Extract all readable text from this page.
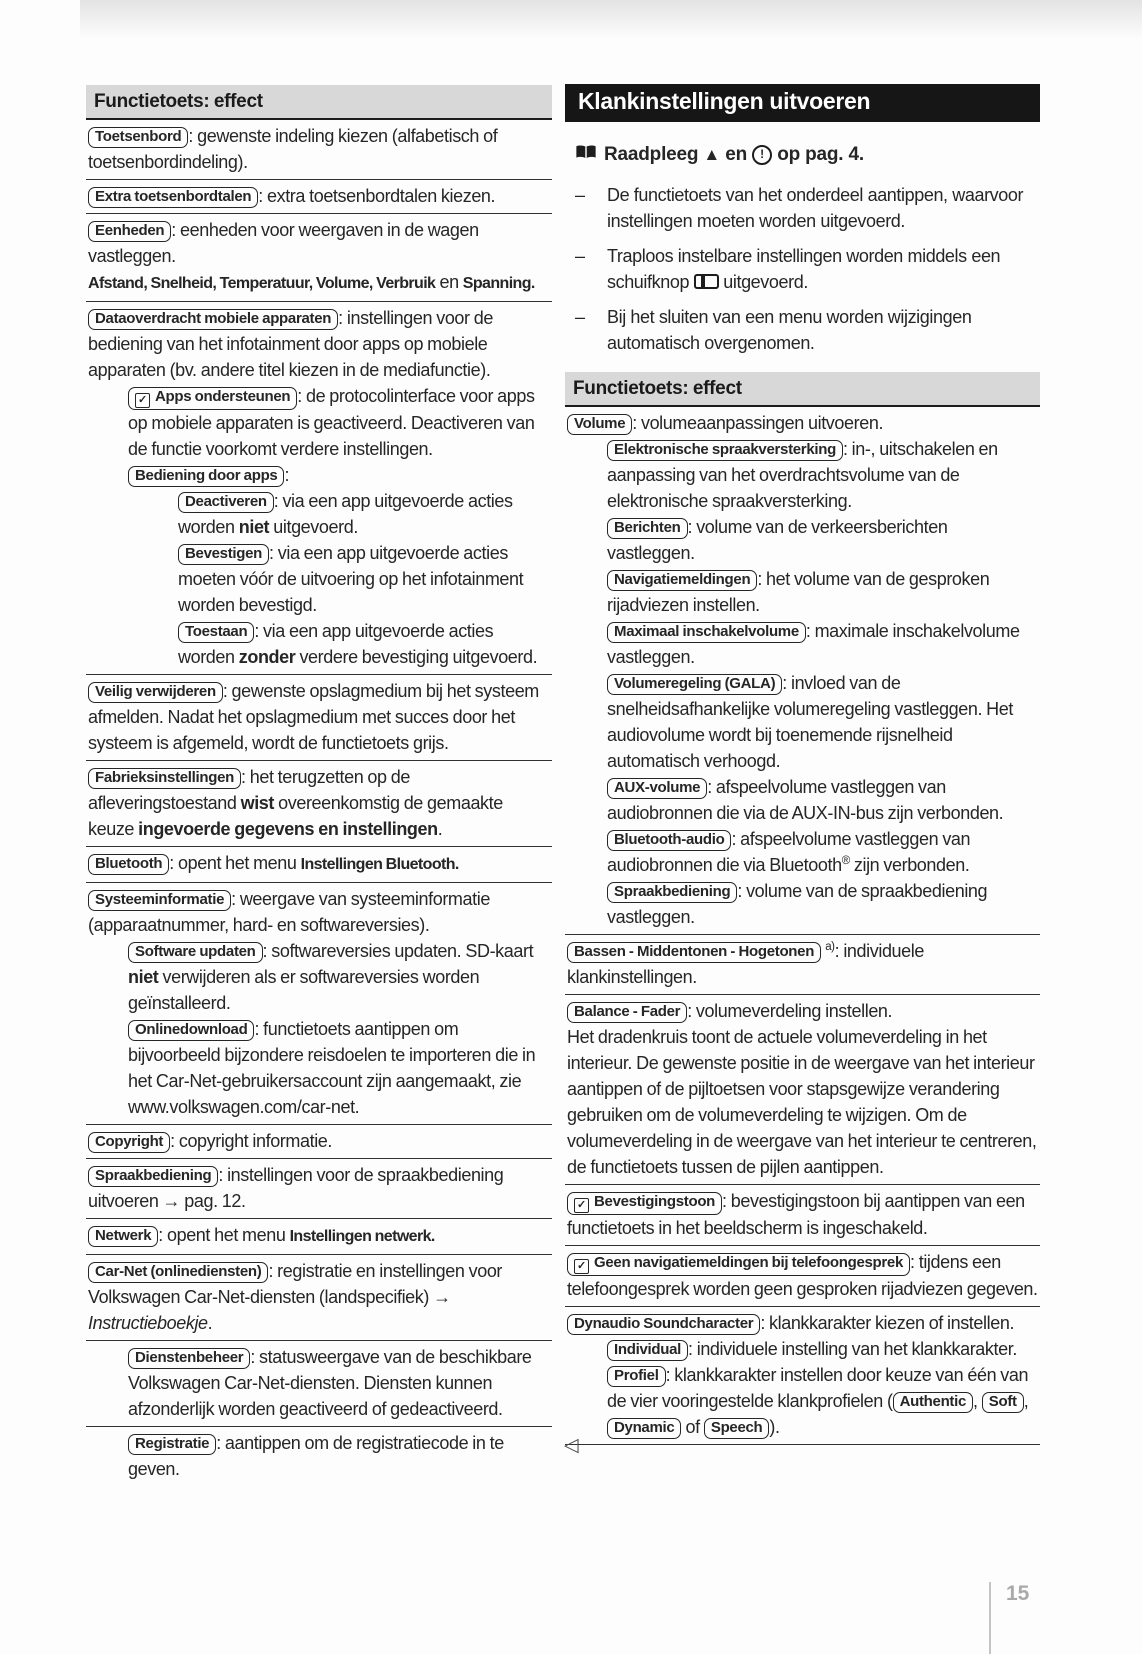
Functietoets: effect
Toetsenbord : gewenste indeling kiezen (alfabetisch of toetsenbordindeling).
Extra toetsenbordtalen : extra toetsenbordtalen kiezen.
Eenheden : eenheden voor weergaven in de wagen vastleggen.
Afstand, Snelheid, Temperatuur, Volume, Verbruik en Spanning.
Dataoverdracht mobiele apparaten : instellingen voor de bediening van het infotainment door apps op mobiele apparaten (bv. andere titel kiezen in de mediafunctie).
✓ Apps ondersteunen : de protocolinterface voor apps op mobiele apparaten is geactiveerd. Deactiveren van de functie voorkomt verdere instellingen.
Bediening door apps :
Deactiveren : via een app uitgevoerde acties worden niet uitgevoerd.
Bevestigen : via een app uitgevoerde acties moeten vóór de uitvoering op het infotainment worden bevestigd.
Toestaan : via een app uitgevoerde acties worden zonder verdere bevestiging uitgevoerd.
Veilig verwijderen : gewenste opslagmedium bij het systeem afmelden. Nadat het opslagmedium met succes door het systeem is afgemeld, wordt de functietoets grijs.
Fabrieksinstellingen : het terugzetten op de afleveringstoestand wist overeenkomstig de gemaakte keuze ingevoerde gegevens en instellingen.
Bluetooth : opent het menu Instellingen Bluetooth.
Systeeminformatie : weergave van systeeminformatie (apparaatnummer, hard- en softwareversies).
Software updaten : softwareversies updaten. SD-kaart niet verwijderen als er softwareversies worden geïnstalleerd.
Onlinedownload : functietoets aantippen om bijvoorbeeld bijzondere reisdoelen te importeren die in het Car-Net-gebruikersaccount zijn aangemaakt, zie www.volkswagen.com/car-net.
Copyright : copyright informatie.
Spraakbediening : instellingen voor de spraakbediening uitvoeren → pag. 12.
Netwerk : opent het menu Instellingen netwerk.
Car-Net (onlinediensten) : registratie en instellingen voor Volkswagen Car-Net-diensten (landspecifiek) → Instructieboekje.
Dienstenbeheer : statusweergave van de beschikbare Volkswagen Car-Net-diensten. Diensten kunnen afzonderlijk worden geactiveerd of gedeactiveerd.
Registratie : aantippen om de registratiecode in te geven.
Klankinstellingen uitvoeren
Raadpleeg ▲ en ! op pag. 4.
– De functietoets van het onderdeel aantippen, waarvoor instellingen moeten worden uitgevoerd.
– Traploos instelbare instellingen worden middels een schuifknop  uitgevoerd.
– Bij het sluiten van een menu worden wijzigingen automatisch overgenomen.
Functietoets: effect
Volume : volumeaanpassingen uitvoeren.
Elektronische spraakversterking : in-, uitschakelen en aanpassing van het overdrachtsvolume van de elektronische spraakversterking.
Berichten : volume van de verkeersberichten vastleggen.
Navigatiemeldingen : het volume van de gesproken rijadviezen instellen.
Maximaal inschakelvolume : maximale inschakelvolume vastleggen.
Volumeregeling (GALA) : invloed van de snelheidsafhankelijke volumeregeling vastleggen. Het audiovolume wordt bij toenemende rijsnelheid automatisch verhoogd.
AUX-volume : afspeelvolume vastleggen van audiobronnen die via de AUX-IN-bus zijn verbonden.
Bluetooth-audio : afspeelvolume vastleggen van audiobronnen die via Bluetooth® zijn verbonden.
Spraakbediening : volume van de spraakbediening vastleggen.
Bassen - Middentonen - Hogetonen $^{a)}$: individuele klankinstellingen.
Balance - Fader : volumeverdeling instellen.
Het dradenkruis toont de actuele volumeverdeling in het interieur. De gewenste positie in de weergave van het interieur aantippen of de pijltoetsen voor stapsgewijze verandering gebruiken om de volumeverdeling te wijzigen. Om de volumeverdeling in de weergave van het interieur te centreren, de functietoets tussen de pijlen aantippen.
✓ Bevestigingstoon : bevestigingstoon bij aantippen van een functietoets in het beeldscherm is ingeschakeld.
✓ Geen navigatiemeldingen bij telefoongesprek : tijdens een telefoongesprek worden geen gesproken rijadviezen gegeven.
Dynaudio Soundcharacter : klankkarakter kiezen of instellen.
Individual : individuele instelling van het klankkarakter.
Profiel : klankkarakter instellen door keuze van één van de vier vooringestelde klankprofielen ( Authentic , Soft , Dynamic of Speech ).
◁
15
